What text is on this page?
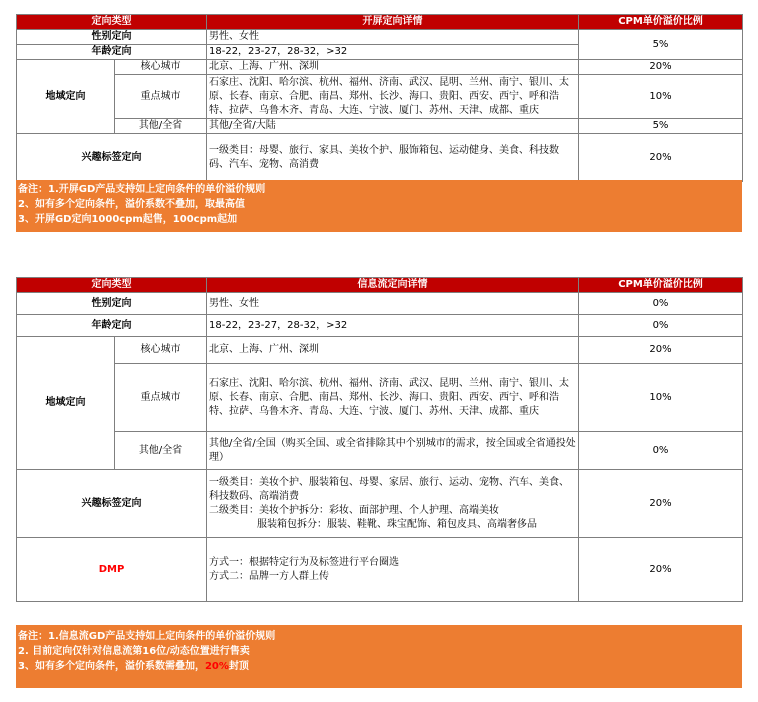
定向类型		开屏定向详情	CPM单价溢价比例
性别定向		男性、女性	5%
年龄定向		18-22，23-27，28-32，>32	
地域定向	核心城市	北京、上海、广州、深圳	20%
	重点城市	石家庄、沈阳、哈尔滨、杭州、福州、济南、武汉、昆明、兰州、南宁、银川、太原、长春、南京、合肥、南昌、郑州、长沙、海口、贵阳、西安、西宁、呼和浩特、拉萨、乌鲁木齐、青岛、大连、宁波、厦门、苏州、天津、成都、重庆	10%
	其他/全省	其他/全省/大陆	5%
兴趣标签定向		一级类目：母婴、旅行、家具、美妆个护、服饰箱包、运动健身、美食、科技数码、汽车、宠物、高消费	20%
备注：1.开屏GD产品支持如上定向条件的单价溢价规则
2、如有多个定向条件，溢价系数不叠加，取最高值
3、开屏GD定向1000cpm起售，100cpm起加
定向类型		信息流定向详情	CPM单价溢价比例
性别定向		男性、女性	0%
年龄定向		18-22，23-27，28-32，>32	0%
地域定向	核心城市	北京、上海、广州、深圳	20%
	重点城市	石家庄、沈阳、哈尔滨、杭州、福州、济南、武汉、昆明、兰州、南宁、银川、太原、长春、南京、合肥、南昌、郑州、长沙、海口、贵阳、西安、西宁、呼和浩特、拉萨、乌鲁木齐、青岛、大连、宁波、厦门、苏州、天津、成都、重庆	10%
	其他/全省	其他/全省/全国（购买全国、或全省排除其中个别城市的需求，按全国或全省通投处理）	0%
兴趣标签定向		一级类目：美妆个护、服装箱包、母婴、家居、旅行、运动、宠物、汽车、美食、科技数码、高端消费
二级类目：美妆个护拆分：彩妆、面部护理、个人护理、高端美妆
服装箱包拆分：服装、鞋靴、珠宝配饰、箱包皮具、高端奢侈品	20%
DMP		方式一：根据特定行为及标签进行平台圈选
方式二：品牌一方人群上传	20%
备注：1.信息流GD产品支持如上定向条件的单价溢价规则
2. 目前定向仅针对信息流第16位/动态位置进行售卖
3、如有多个定向条件，溢价系数需叠加，20%封顶
